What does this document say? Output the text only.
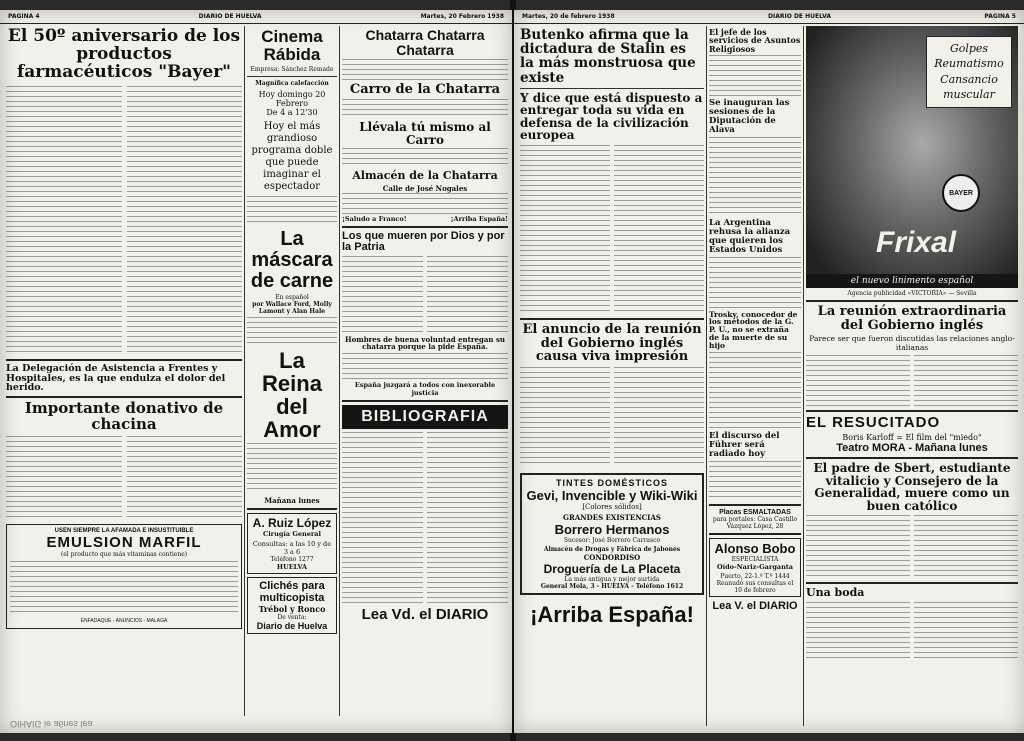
PAGINA 4	DIARIO DE HUELVA	Martes, 20 Febrero 1938
El 50º aniversario de los productos farmacéuticos "Bayer"
La Delegación de Asistencia a Frentes y Hospitales, es la que endulza el dolor del herido.
Importante donativo de chacina
USEN SIEMPRE LA AFAMADA E INSUSTITUIBLE
EMULSION MARFIL
(el producto que más vitaminas contiene)
ENFADAQUE - ANUNCIOS - MALAGA
Cinema Rábida
Empresa: Sánchez Remade
Magnífica calefacción
Hoy domingo 20 Febrero
De 4 a 12'30
Hoy el más grandioso programa doble que puede imaginar el espectador
La máscara de carne
En español
por Wallace Ford, Molly Lamont y Alan Hale
La Reina del Amor
Mañana lunes
A. Ruiz López
Cirugía General
Consultas: a las 10 y de 3 a 6
Teléfono 1277
HUELVA
Clichés para multicopista
Trébol y Ronco
De venta:
Diario de Huelva
Chatarra Chatarra Chatarra
Carro de la Chatarra
Llévala tú mismo al Carro
Almacén de la Chatarra
Calle de José Nogales
¡Saludo a Franco!	¡Arriba España!
Los que mueren por Dios y por la Patria
Hombres de buena voluntad entregan su chatarra porque la pide España.
España juzgará a todos con inexorable justicia
BIBLIOGRAFIA
Lea Vd. el DIARIO
OIHAIG ie a6nes lea
Martes, 20 de febrero 1938	DIARIO DE HUELVA	PAGINA 5
Butenko afirma que la dictadura de Stalin es la más monstruosa que existe
Y dice que está dispuesto a entregar toda su vida en defensa de la civilización europea
El anuncio de la reunión del Gobierno inglés causa viva impresión
TINTES DOMÉSTICOS
Gevi, Invencible y Wiki-Wiki
[Colores sólidos]
GRANDES EXISTENCIAS
Borrero Hermanos
Sucesor: José Borrero Carrasco
Almacén de Drogas y Fábrica de Jabones
CONDORDISO
Droguería de La Placeta
La más antigua y mejor surtida
General Mola, 3 - HUELVA - Teléfono 1612
¡Arriba España!
El jefe de los servicios de Asuntos Religiosos
Se inauguran las sesiones de la Diputación de Alava
La Argentina rehusa la alianza que quieren los Estados Unidos
Trosky, conocedor de los métodos de la G. P. U., no se extraña de la muerte de su hijo
El discurso del Führer será radiado hoy
Placas ESMALTADAS
para portales: Casa Castillo
Vázquez López, 28
Alonso Bobo
ESPECIALISTA
Oído-Nariz-Garganta
Puerto, 22-1.º T.º 1444
Reanudó sus consultas el 10 de febrero
Lea V. el DIARIO
Golpes
Reumatismo
Cansancio
muscular
BAYER
Frixal
el nuevo linimento español
Agencia publicidad «VICTORIA» — Sevilla
La reunión extraordinaria del Gobierno inglés
Parece ser que fueron discutidas las relaciones anglo-italianas
EL RESUCITADO
Boris Karloff = El film del "miedo"
Teatro MORA - Mañana lunes
El padre de Sbert, estudiante vitalicio y Consejero de la Generalidad, muere como un buen católico
Una boda
